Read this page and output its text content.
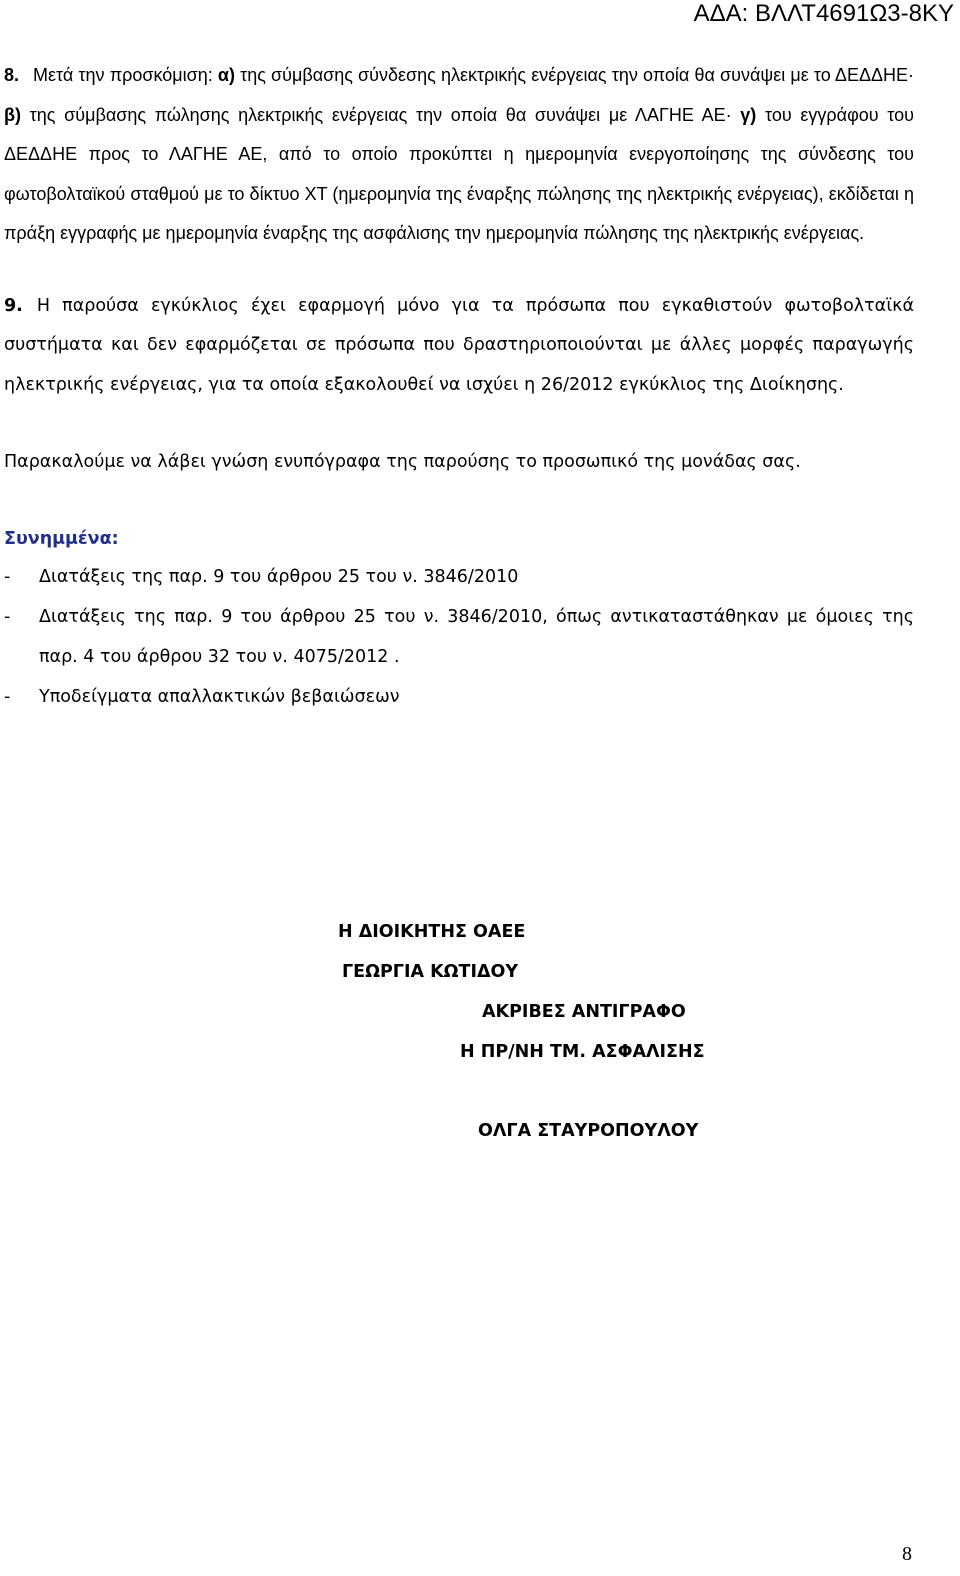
ΑΔΑ: ΒΛΛΤ4691Ω3-8ΚΥ

8. Μετά την προσκόμιση: α) της σύμβασης σύνδεσης ηλεκτρικής ενέργειας την οποία θα συνάψει με το ΔΕΔΔΗΕ· β) της σύμβασης πώλησης ηλεκτρικής ενέργειας την οποία θα συνάψει με ΛΑΓΗΕ ΑΕ· γ) του εγγράφου του ΔΕΔΔΗΕ προς το ΛΑΓΗΕ ΑΕ, από το οποίο προκύπτει η ημερομηνία ενεργοποίησης της σύνδεσης του φωτοβολταϊκού σταθμού με το δίκτυο ΧΤ (ημερομηνία της έναρξης πώλησης της ηλεκτρικής ενέργειας), εκδίδεται η πράξη εγγραφής με ημερομηνία έναρξης της ασφάλισης την ημερομηνία πώλησης της ηλεκτρικής ενέργειας.

9. Η παρούσα εγκύκλιος έχει εφαρμογή μόνο για τα πρόσωπα που εγκαθιστούν φωτοβολταϊκά συστήματα και δεν εφαρμόζεται σε πρόσωπα που δραστηριοποιούνται με άλλες μορφές παραγωγής ηλεκτρικής ενέργειας, για τα οποία εξακολουθεί να ισχύει η 26/2012 εγκύκλιος της Διοίκησης.

Παρακαλούμε να λάβει γνώση ενυπόγραφα της παρούσης το προσωπικό της μονάδας σας.

Συνημμένα:

- Διατάξεις της παρ. 9 του άρθρου 25 του ν. 3846/2010
- Διατάξεις της παρ. 9 του άρθρου 25 του ν. 3846/2010, όπως αντικαταστάθηκαν με όμοιες της παρ. 4 του άρθρου 32 του ν. 4075/2012 .
- Υποδείγματα απαλλακτικών βεβαιώσεων
Η ΔΙΟΙΚΗΤΗΣ ΟΑΕΕ
ΓΕΩΡΓΙΑ ΚΩΤΙΔΟΥ
ΑΚΡΙΒΕΣ ΑΝΤΙΓΡΑΦΟ
Η ΠΡ/ΝΗ ΤΜ. ΑΣΦΑΛΙΣΗΣ
ΟΛΓΑ ΣΤΑΥΡΟΠΟΥΛΟΥ
8
